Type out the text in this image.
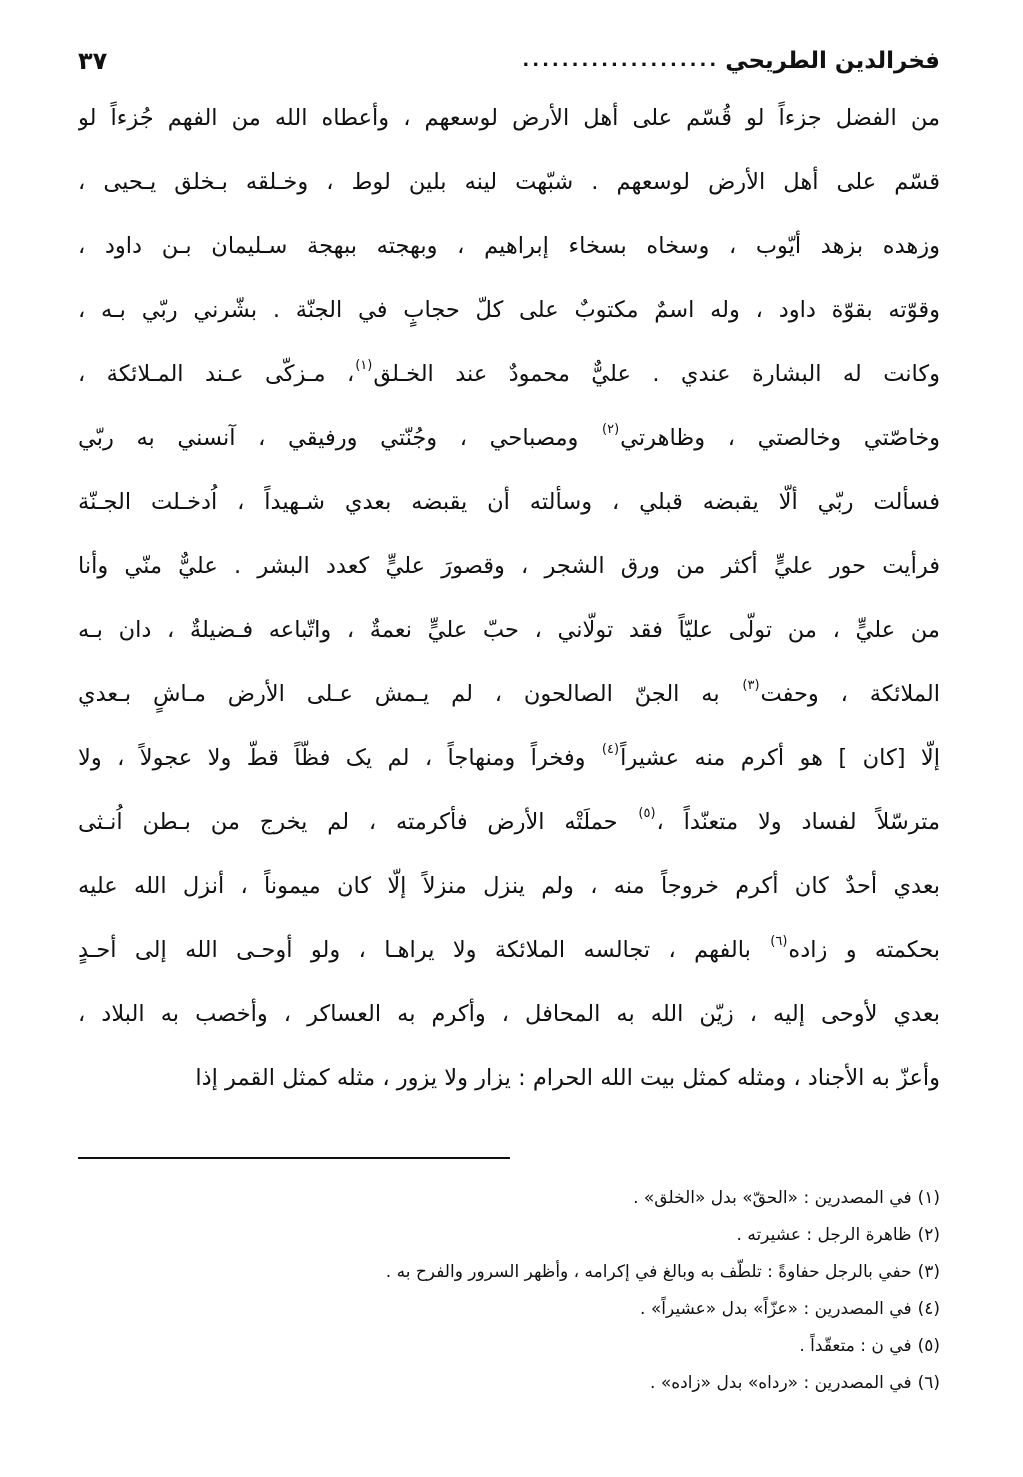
فخرالدين الطريحي
....................
٣٧
من الفضل جزءاً لو قُسّم على أهل الأرض لوسعهم ، وأعطاه الله من الفهم جُزءاً لو
قسّم على أهل الأرض لوسعهم . شبّهت لينه بلين لوط ، وخـلقه بـخلق يـحيى ،
وزهده بزهد أيّوب ، وسخاه بسخاء إبراهيم ، وبهجته ببهجة سـليمان بـن داود ،
وقوّته بقوّة داود ، وله اسمٌ مكتوبٌ على كلّ حجابٍ في الجنّة . بشّرني ربّي بـه ،
وكانت له البشارة عندي . عليٌّ محمودٌ عند الخـلق$^{(١)}$، مـزكّى عـند المـلائكة ،
وخاصّتي وخالصتي ، وظاهرتي$^{(٢)}$ ومصباحي ، وجُنّتي ورفيقي ، آنسني به ربّي
فسألت ربّي ألّا يقبضه قبلي ، وسألته أن يقبضه بعدي شـهيداً ، اُدخـلت الجـنّة
فرأيت حور عليٍّ أكثر من ورق الشجر ، وقصورَ عليٍّ كعدد البشر . عليٌّ منّي وأنا
من عليٍّ ، من تولّى عليّاً فقد تولّاني ، حبّ عليٍّ نعمةٌ ، واتّباعه فـضيلةٌ ، دان بـه
الملائكة ، وحفت$^{(٣)}$ به الجنّ الصالحون ، لم يـمش عـلى الأرض مـاشٍ بـعدي
إلّا [كان ] هو أكرم منه عشيراً$^{(٤)}$ وفخراً ومنهاجاً ، لم يک فظّاً قطّ ولا عجولاً ، ولا
مترسّلاً لفساد ولا متعنّداً ،$^{(٥)}$ حملَتْه الأرض فأكرمته ، لم يخرج من بـطن اُنـثى
بعدي أحدٌ كان أكرم خروجاً منه ، ولم ينزل منزلاً إلّا كان ميموناً ، أنزل الله عليه
بحكمته و زاده$^{(٦)}$ بالفهم ، تجالسه الملائكة ولا يراهـا ، ولو أوحـى الله إلى أحـدٍ
بعدي لأوحى إليه ، زيّن الله به المحافل ، وأكرم به العساكر ، وأخصب به البلاد ،
وأعزّ به الأجناد ، ومثله كمثل بيت الله الحرام : يزار ولا يزور ، مثله كمثل القمر إذا
(١)في المصدرين : «الحقّ» بدل «الخلق» .
(٢)ظاهرة الرجل : عشيرته .
(٣)حفي بالرجل حفاوةً : تلطّف به وبالغ في إكرامه ، وأظهر السرور والفرح به .
(٤)في المصدرين : «عزّاً» بدل «عشيراً» .
(٥)في ن : متعقّداً .
(٦)في المصدرين : «رداه» بدل «زاده» .
